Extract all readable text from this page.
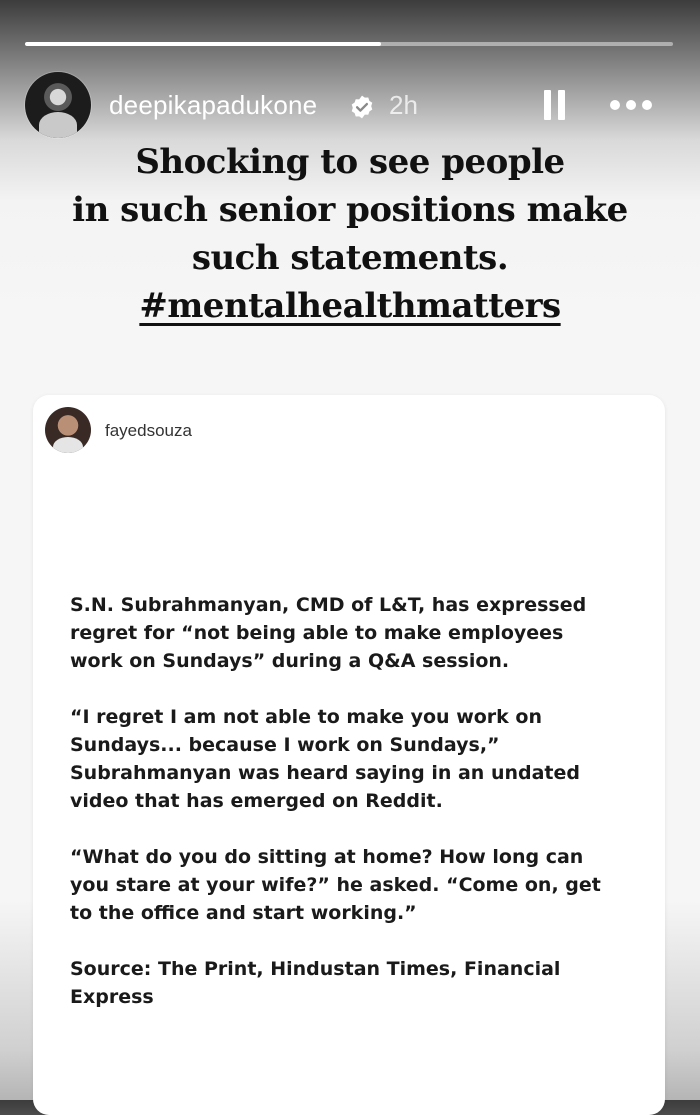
deepikapadukone	2h
Shocking to see people
in such senior positions make
such statements.
#mentalhealthmatters
fayedsouza

S.N. Subrahmanyan, CMD of L&T, has expressed
regret for “not being able to make employees
work on Sundays” during a Q&A session.

“I regret I am not able to make you work on
Sundays... because I work on Sundays,”
Subrahmanyan was heard saying in an undated
video that has emerged on Reddit.

“What do you do sitting at home? How long can
you stare at your wife?” he asked. “Come on, get
to the office and start working.”

Source: The Print, Hindustan Times, Financial
Express
